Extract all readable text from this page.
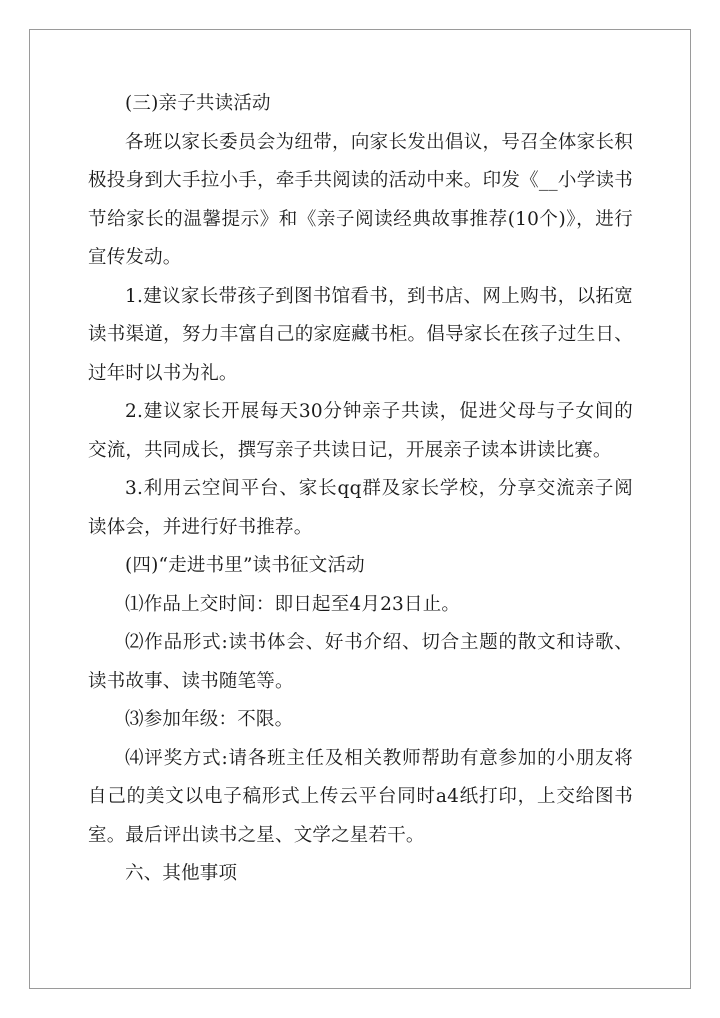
(三)亲子共读活动

各班以家长委员会为纽带，向家长发出倡议，号召全体家长积极投身到大手拉小手，牵手共阅读的活动中来。印发《__小学读书节给家长的温馨提示》和《亲子阅读经典故事推荐(10个)》，进行宣传发动。

1.建议家长带孩子到图书馆看书，到书店、网上购书，以拓宽读书渠道，努力丰富自己的家庭藏书柜。倡导家长在孩子过生日、过年时以书为礼。

2.建议家长开展每天30分钟亲子共读，促进父母与子女间的交流，共同成长，撰写亲子共读日记，开展亲子读本讲读比赛。

3.利用云空间平台、家长qq群及家长学校，分享交流亲子阅读体会，并进行好书推荐。

(四)“走进书里”读书征文活动

⑴作品上交时间：即日起至4月23日止。

⑵作品形式:读书体会、好书介绍、切合主题的散文和诗歌、读书故事、读书随笔等。

⑶参加年级：不限。

⑷评奖方式:请各班主任及相关教师帮助有意参加的小朋友将自己的美文以电子稿形式上传云平台同时a4纸打印，上交给图书室。最后评出读书之星、文学之星若干。

六、其他事项
